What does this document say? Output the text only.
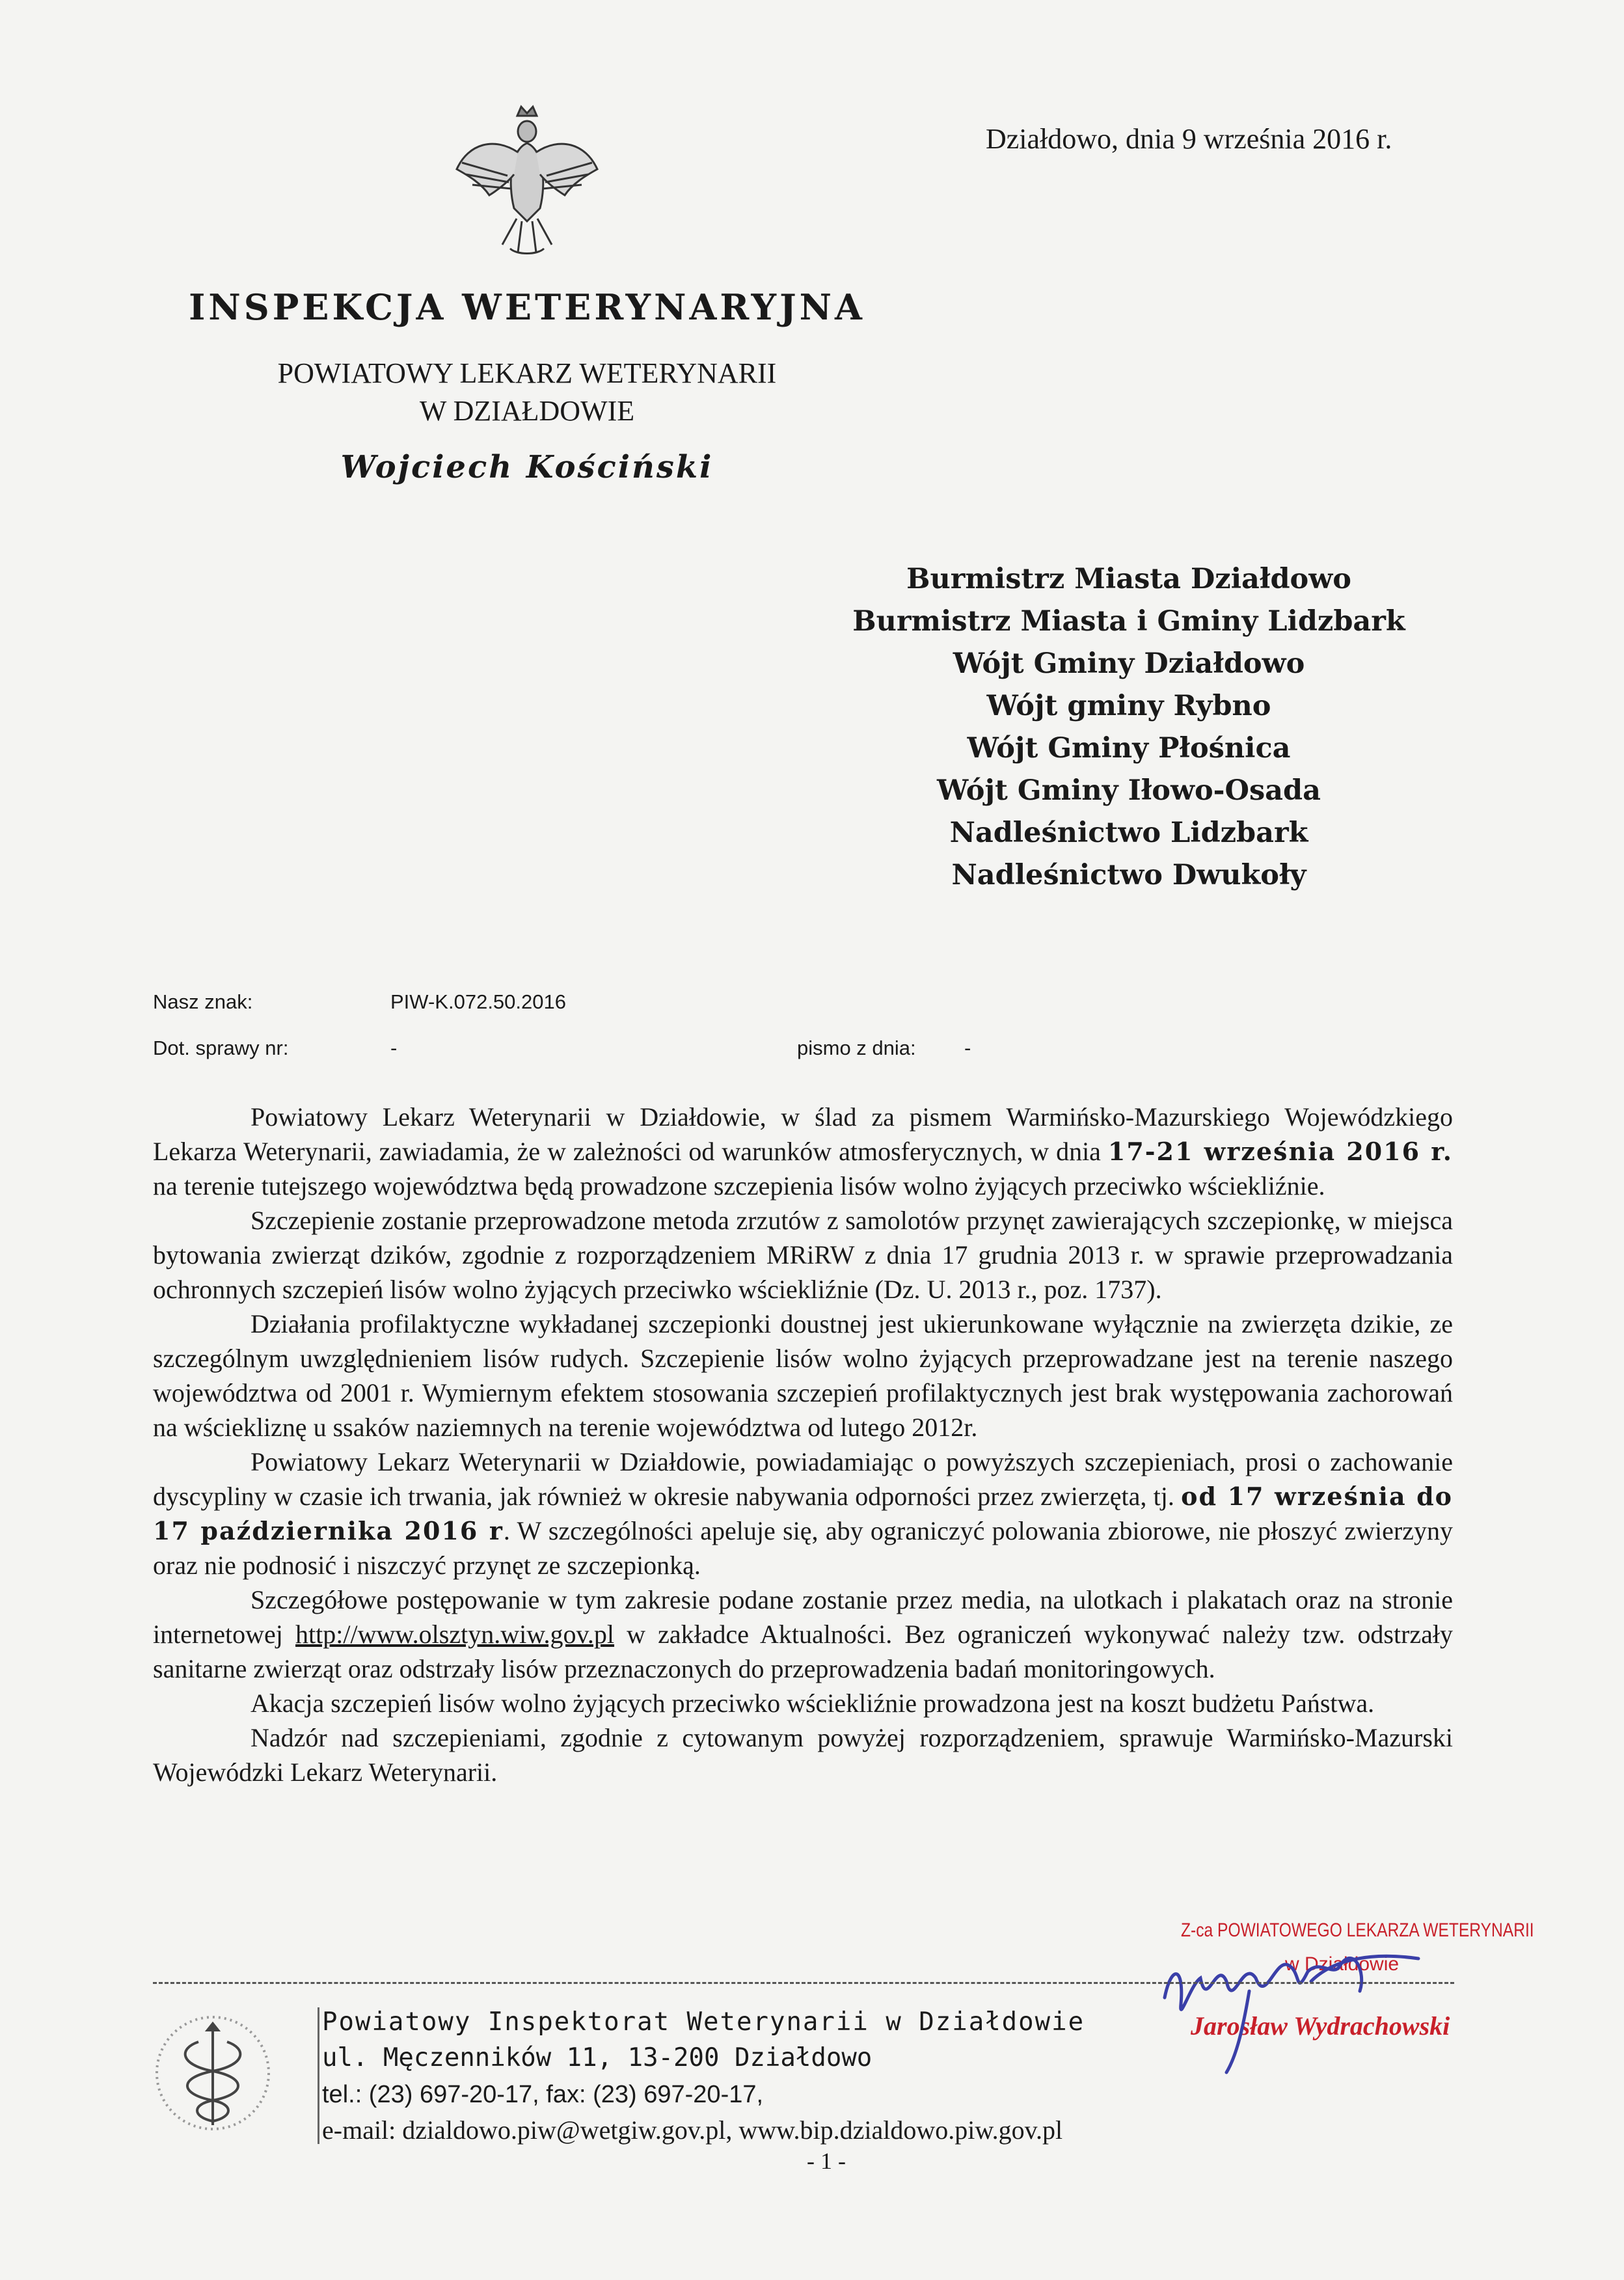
Działdowo, dnia 9 września 2016 r.
INSPEKCJA WETERYNARYJNA
POWIATOWY LEKARZ WETERYNARII
W DZIAŁDOWIE
Wojciech Kościński
Burmistrz Miasta Działdowo
Burmistrz Miasta i Gminy Lidzbark
Wójt Gminy Działdowo
Wójt gminy Rybno
Wójt Gminy Płośnica
Wójt Gminy Iłowo-Osada
Nadleśnictwo Lidzbark
Nadleśnictwo Dwukoły
Nasz znak:	PIW-K.072.50.2016
Dot. sprawy nr:	-	pismo z dnia: -

Powiatowy Lekarz Weterynarii w Działdowie, w ślad za pismem Warmińsko-Mazurskiego Wojewódzkiego Lekarza Weterynarii, zawiadamia, że w zależności od warunków atmosferycznych, w dnia 17-21 września 2016 r. na terenie tutejszego województwa będą prowadzone szczepienia lisów wolno żyjących przeciwko wściekliźnie.

Szczepienie zostanie przeprowadzone metoda zrzutów z samolotów przynęt zawierających szczepionkę, w miejsca bytowania zwierząt dzików, zgodnie z rozporządzeniem MRiRW z dnia 17 grudnia 2013 r. w sprawie przeprowadzania ochronnych szczepień lisów wolno żyjących przeciwko wściekliźnie (Dz. U. 2013 r., poz. 1737).

Działania profilaktyczne wykładanej szczepionki doustnej jest ukierunkowane wyłącznie na zwierzęta dzikie, ze szczególnym uwzględnieniem lisów rudych. Szczepienie lisów wolno żyjących przeprowadzane jest na terenie naszego województwa od 2001 r. Wymiernym efektem stosowania szczepień profilaktycznych jest brak występowania zachorowań na wściekliznę u ssaków naziemnych na terenie województwa od lutego 2012r.

Powiatowy Lekarz Weterynarii w Działdowie, powiadamiając o powyższych szczepieniach, prosi o zachowanie dyscypliny w czasie ich trwania, jak również w okresie nabywania odporności przez zwierzęta, tj. od 17 września do 17 października 2016 r. W szczególności apeluje się, aby ograniczyć polowania zbiorowe, nie płoszyć zwierzyny oraz nie podnosić i niszczyć przynęt ze szczepionką.

Szczegółowe postępowanie w tym zakresie podane zostanie przez media, na ulotkach i plakatach oraz na stronie internetowej http://www.olsztyn.wiw.gov.pl w zakładce Aktualności. Bez ograniczeń wykonywać należy tzw. odstrzały sanitarne zwierząt oraz odstrzały lisów przeznaczonych do przeprowadzenia badań monitoringowych.

Akacja szczepień lisów wolno żyjących przeciwko wściekliźnie prowadzona jest na koszt budżetu Państwa.

Nadzór nad szczepieniami, zgodnie z cytowanym powyżej rozporządzeniem, sprawuje Warmińsko-Mazurski Wojewódzki Lekarz Weterynarii.

Z-ca POWIATOWEGO LEKARZA WETERYNARII
w Działdowie
Jarosław Wydrachowski
Powiatowy Inspektorat Weterynarii w Działdowie
ul. Męczenników 11, 13-200 Działdowo
tel.: (23) 697-20-17, fax: (23) 697-20-17,
e-mail: dzialdowo.piw@wetgiw.gov.pl, www.bip.dzialdowo.piw.gov.pl
- 1 -
